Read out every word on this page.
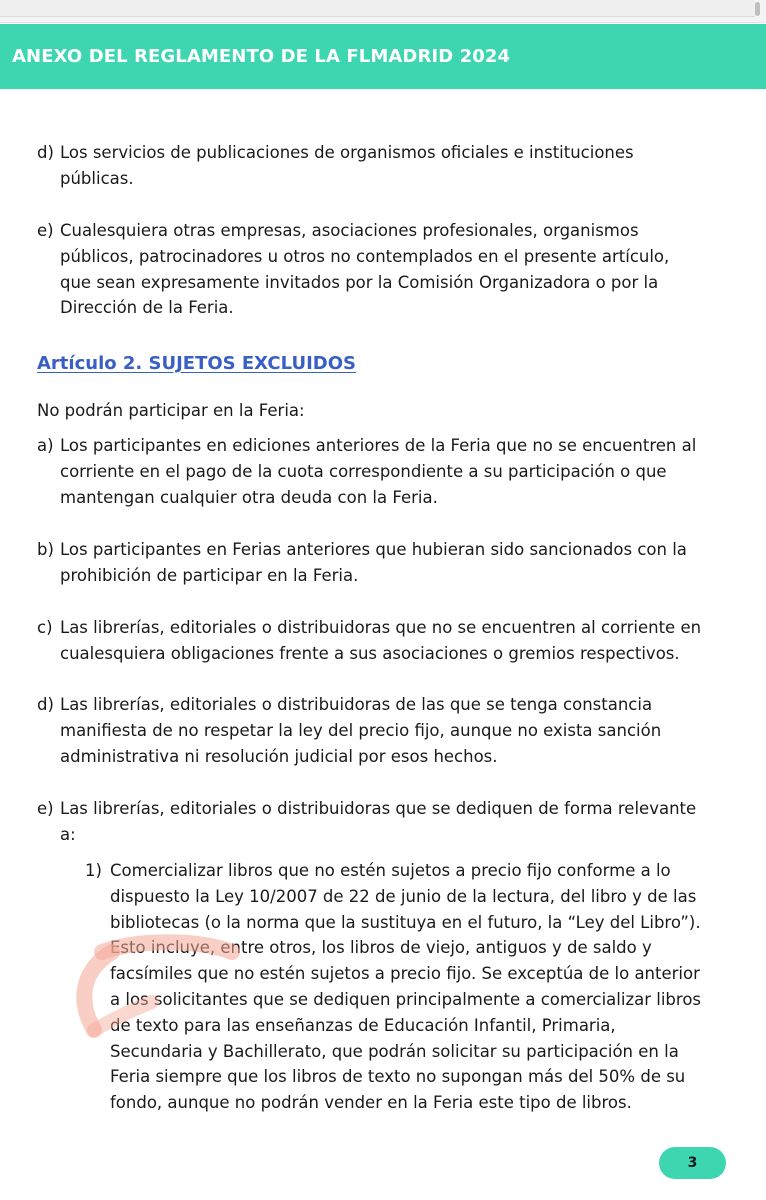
ANEXO DEL REGLAMENTO DE LA FLMADRID 2024
d) Los servicios de publicaciones de organismos oficiales e instituciones públicas.
e) Cualesquiera otras empresas, asociaciones profesionales, organismos públicos, patrocinadores u otros no contemplados en el presente artículo, que sean expresamente invitados por la Comisión Organizadora o por la Dirección de la Feria.
Artículo 2. SUJETOS EXCLUIDOS
No podrán participar en la Feria:
a) Los participantes en ediciones anteriores de la Feria que no se encuentren al corriente en el pago de la cuota correspondiente a su participación o que mantengan cualquier otra deuda con la Feria.
b) Los participantes en Ferias anteriores que hubieran sido sancionados con la prohibición de participar en la Feria.
c) Las librerías, editoriales o distribuidoras que no se encuentren al corriente en cualesquiera obligaciones frente a sus asociaciones o gremios respectivos.
d) Las librerías, editoriales o distribuidoras de las que se tenga constancia manifiesta de no respetar la ley del precio fijo, aunque no exista sanción administrativa ni resolución judicial por esos hechos.
e) Las librerías, editoriales o distribuidoras que se dediquen de forma relevante a:
1) Comercializar libros que no estén sujetos a precio fijo conforme a lo dispuesto la Ley 10/2007 de 22 de junio de la lectura, del libro y de las bibliotecas (o la norma que la sustituya en el futuro, la “Ley del Libro”). Esto incluye, entre otros, los libros de viejo, antiguos y de saldo y facsímiles que no estén sujetos a precio fijo. Se exceptúa de lo anterior a los solicitantes que se dediquen principalmente a comercializar libros de texto para las enseñanzas de Educación Infantil, Primaria, Secundaria y Bachillerato, que podrán solicitar su participación en la Feria siempre que los libros de texto no supongan más del 50% de su fondo, aunque no podrán vender en la Feria este tipo de libros.
3
